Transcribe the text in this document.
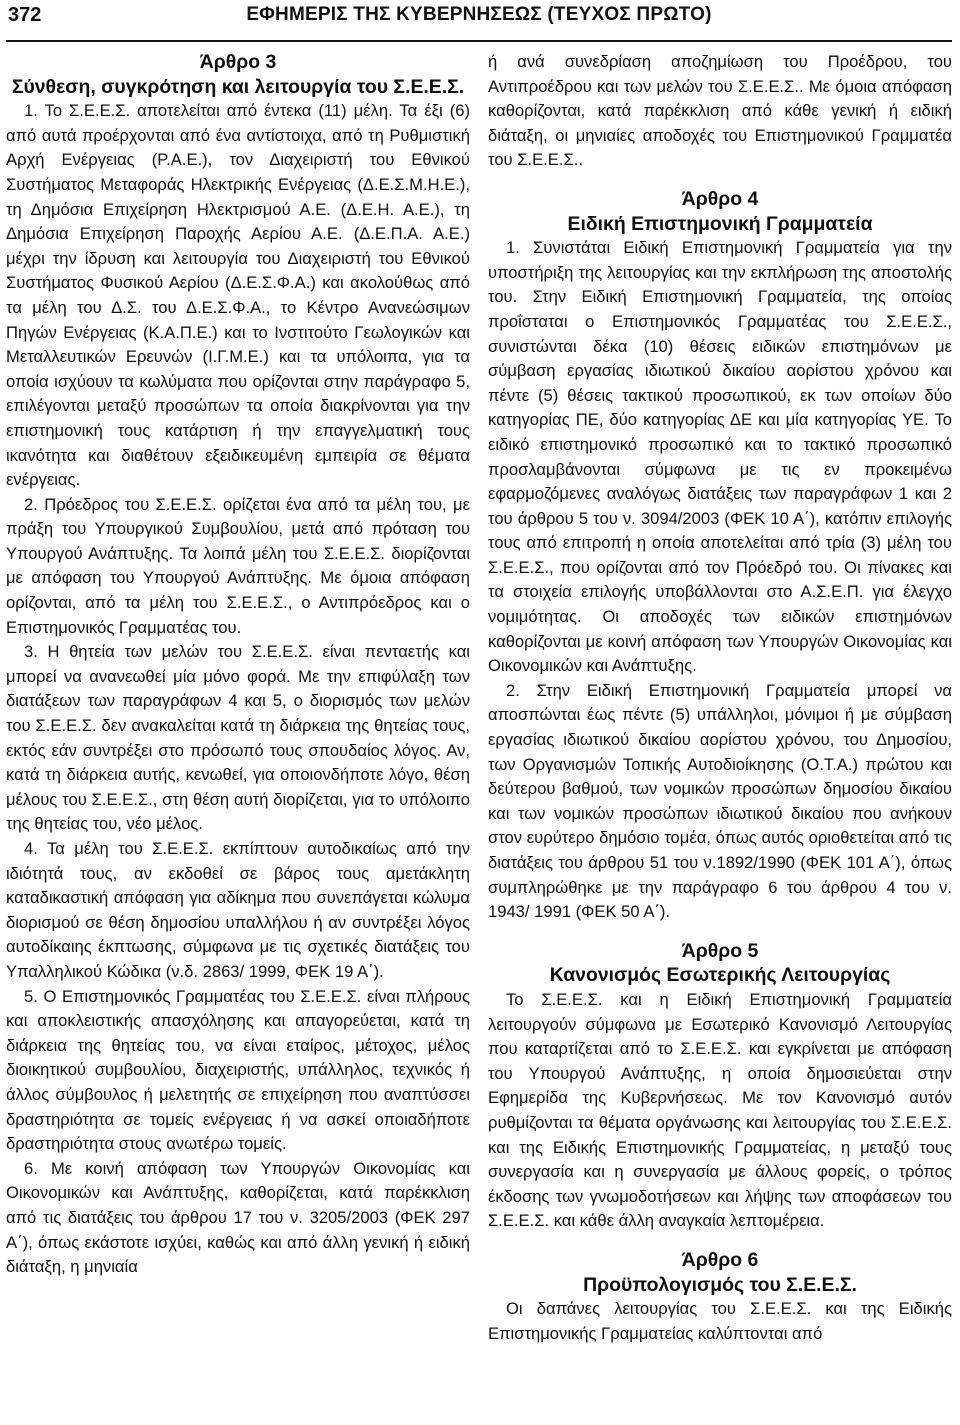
372	ΕΦΗΜΕΡΙΣ ΤΗΣ ΚΥΒΕΡΝΗΣΕΩΣ (ΤΕΥΧΟΣ ΠΡΩΤΟ)
Άρθρο 3
Σύνθεση, συγκρότηση και λειτουργία του Σ.Ε.Ε.Σ.

1. Το Σ.Ε.Ε.Σ. αποτελείται από έντεκα (11) μέλη. Τα έξι (6) από αυτά προέρχονται από ένα αντίστοιχα, από τη Ρυθμιστική Αρχή Ενέργειας (Ρ.Α.Ε.), τον Διαχειριστή του Εθνικού Συστήματος Μεταφοράς Ηλεκτρικής Ενέργειας (Δ.Ε.Σ.Μ.Η.Ε.), τη Δημόσια Επιχείρηση Ηλεκτρισμού Α.Ε. (Δ.Ε.Η. Α.Ε.), τη Δημόσια Επιχείρηση Παροχής Αερίου Α.Ε. (Δ.Ε.Π.Α. Α.Ε.) μέχρι την ίδρυση και λειτουργία του Διαχειριστή του Εθνικού Συστήματος Φυσικού Αερίου (Δ.Ε.Σ.Φ.Α.) και ακολούθως από τα μέλη του Δ.Σ. του Δ.Ε.Σ.Φ.Α., το Κέντρο Ανανεώσιμων Πηγών Ενέργειας (Κ.Α.Π.Ε.) και το Ινστιτούτο Γεωλογικών και Μεταλλευτικών Ερευνών (Ι.Γ.Μ.Ε.) και τα υπόλοιπα, για τα οποία ισχύουν τα κωλύματα που ορίζονται στην παράγραφο 5, επιλέγονται μεταξύ προσώπων τα οποία διακρίνονται για την επιστημονική τους κατάρτιση ή την επαγγελματική τους ικανότητα και διαθέτουν εξειδικευμένη εμπειρία σε θέματα ενέργειας.

2. Πρόεδρος του Σ.Ε.Ε.Σ. ορίζεται ένα από τα μέλη του, με πράξη του Υπουργικού Συμβουλίου, μετά από πρόταση του Υπουργού Ανάπτυξης. Τα λοιπά μέλη του Σ.Ε.Ε.Σ. διορίζονται με απόφαση του Υπουργού Ανάπτυξης. Με όμοια απόφαση ορίζονται, από τα μέλη του Σ.Ε.Ε.Σ., ο Αντιπρόεδρος και ο Επιστημονικός Γραμματέας του.

3. Η θητεία των μελών του Σ.Ε.Ε.Σ. είναι πενταετής και μπορεί να ανανεωθεί μία μόνο φορά. Με την επιφύλαξη των διατάξεων των παραγράφων 4 και 5, ο διορισμός των μελών του Σ.Ε.Ε.Σ. δεν ανακαλείται κατά τη διάρκεια της θητείας τους, εκτός εάν συντρέξει στο πρόσωπό τους σπουδαίος λόγος. Αν, κατά τη διάρκεια αυτής, κενωθεί, για οποιονδήποτε λόγο, θέση μέλους του Σ.Ε.Ε.Σ., στη θέση αυτή διορίζεται, για το υπόλοιπο της θητείας του, νέο μέλος.

4. Τα μέλη του Σ.Ε.Ε.Σ. εκπίπτουν αυτοδικαίως από την ιδιότητά τους, αν εκδοθεί σε βάρος τους αμετάκλητη καταδικαστική απόφαση για αδίκημα που συνεπάγεται κώλυμα διορισμού σε θέση δημοσίου υπαλλήλου ή αν συντρέξει λόγος αυτοδίκαιης έκπτωσης, σύμφωνα με τις σχετικές διατάξεις του Υπαλληλικού Κώδικα (ν.δ. 2863/ 1999, ΦΕΚ 19 Α΄).

5. Ο Επιστημονικός Γραμματέας του Σ.Ε.Ε.Σ. είναι πλήρους και αποκλειστικής απασχόλησης και απαγορεύεται, κατά τη διάρκεια της θητείας του, να είναι εταίρος, μέτοχος, μέλος διοικητικού συμβουλίου, διαχειριστής, υπάλληλος, τεχνικός ή άλλος σύμβουλος ή μελετητής σε επιχείρηση που αναπτύσσει δραστηριότητα σε τομείς ενέργειας ή να ασκεί οποιαδήποτε δραστηριότητα στους ανωτέρω τομείς.

6. Με κοινή απόφαση των Υπουργών Οικονομίας και Οικονομικών και Ανάπτυξης, καθορίζεται, κατά παρέκκλιση από τις διατάξεις του άρθρου 17 του ν. 3205/2003 (ΦΕΚ 297 Α΄), όπως εκάστοτε ισχύει, καθώς και από άλλη γενική ή ειδική διάταξη, η μηνιαία

ή ανά συνεδρίαση αποζημίωση του Προέδρου, του Αντιπροέδρου και των μελών του Σ.Ε.Ε.Σ.. Με όμοια απόφαση καθορίζονται, κατά παρέκκλιση από κάθε γενική ή ειδική διάταξη, οι μηνιαίες αποδοχές του Επιστημονικού Γραμματέα του Σ.Ε.Ε.Σ..

Άρθρο 4
Ειδική Επιστημονική Γραμματεία

1. Συνιστάται Ειδική Επιστημονική Γραμματεία για την υποστήριξη της λειτουργίας και την εκπλήρωση της αποστολής του. Στην Ειδική Επιστημονική Γραμματεία, της οποίας προΐσταται ο Επιστημονικός Γραμματέας του Σ.Ε.Ε.Σ., συνιστώνται δέκα (10) θέσεις ειδικών επιστημόνων με σύμβαση εργασίας ιδιωτικού δικαίου αορίστου χρόνου και πέντε (5) θέσεις τακτικού προσωπικού, εκ των οποίων δύο κατηγορίας ΠΕ, δύο κατηγορίας ΔΕ και μία κατηγορίας ΥΕ. Το ειδικό επιστημονικό προσωπικό και το τακτικό προσωπικό προσλαμβάνονται σύμφωνα με τις εν προκειμένω εφαρμοζόμενες αναλόγως διατάξεις των παραγράφων 1 και 2 του άρθρου 5 του ν. 3094/2003 (ΦΕΚ 10 Α΄), κατόπιν επιλογής τους από επιτροπή η οποία αποτελείται από τρία (3) μέλη του Σ.Ε.Ε.Σ., που ορίζονται από τον Πρόεδρό του. Οι πίνακες και τα στοιχεία επιλογής υποβάλλονται στο Α.Σ.Ε.Π. για έλεγχο νομιμότητας. Οι αποδοχές των ειδικών επιστημόνων καθορίζονται με κοινή απόφαση των Υπουργών Οικονομίας και Οικονομικών και Ανάπτυξης.

2. Στην Ειδική Επιστημονική Γραμματεία μπορεί να αποσπώνται έως πέντε (5) υπάλληλοι, μόνιμοι ή με σύμβαση εργασίας ιδιωτικού δικαίου αορίστου χρόνου, του Δημοσίου, των Οργανισμών Τοπικής Αυτοδιοίκησης (Ο.Τ.Α.) πρώτου και δεύτερου βαθμού, των νομικών προσώπων δημοσίου δικαίου και των νομικών προσώπων ιδιωτικού δικαίου που ανήκουν στον ευρύτερο δημόσιο τομέα, όπως αυτός οριοθετείται από τις διατάξεις του άρθρου 51 του ν.1892/1990 (ΦΕΚ 101 Α΄), όπως συμπληρώθηκε με την παράγραφο 6 του άρθρου 4 του ν. 1943/ 1991 (ΦΕΚ 50 Α΄).

Άρθρο 5
Κανονισμός Εσωτερικής Λειτουργίας

Το Σ.Ε.Ε.Σ. και η Ειδική Επιστημονική Γραμματεία λειτουργούν σύμφωνα με Εσωτερικό Κανονισμό Λειτουργίας που καταρτίζεται από το Σ.Ε.Ε.Σ. και εγκρίνεται με απόφαση του Υπουργού Ανάπτυξης, η οποία δημοσιεύεται στην Εφημερίδα της Κυβερνήσεως. Με τον Κανονισμό αυτόν ρυθμίζονται τα θέματα οργάνωσης και λειτουργίας του Σ.Ε.Ε.Σ. και της Ειδικής Επιστημονικής Γραμματείας, η μεταξύ τους συνεργασία και η συνεργασία με άλλους φορείς, ο τρόπος έκδοσης των γνωμοδοτήσεων και λήψης των αποφάσεων του Σ.Ε.Ε.Σ. και κάθε άλλη αναγκαία λεπτομέρεια.

Άρθρο 6
Προϋπολογισμός του Σ.Ε.Ε.Σ.

Οι δαπάνες λειτουργίας του Σ.Ε.Ε.Σ. και της Ειδικής Επιστημονικής Γραμματείας καλύπτονται από
